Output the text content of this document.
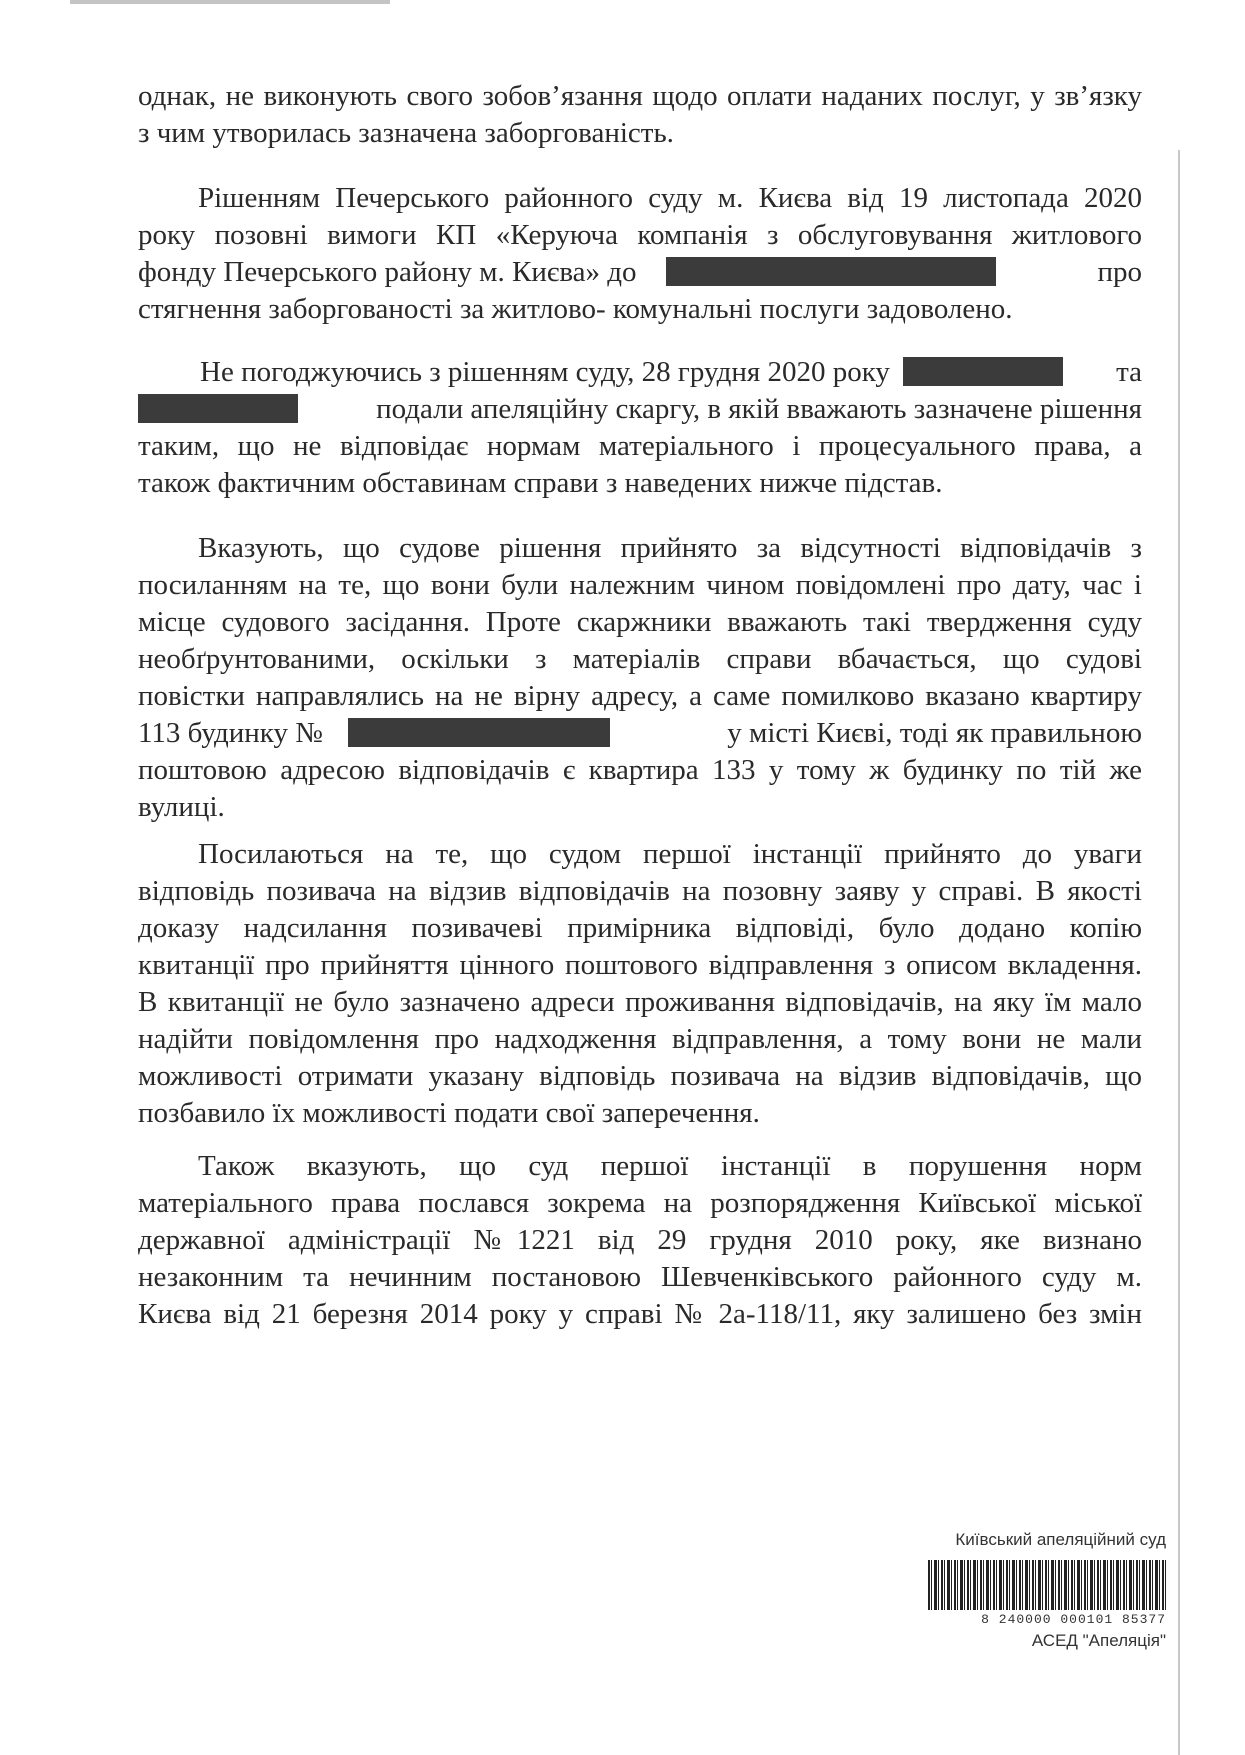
однак, не виконують свого зобов’язання щодо оплати наданих послуг, у зв’язку
з чим утворилась зазначена заборгованість.
Рішенням Печерського районного суду м. Києва від 19 листопада 2020
року позовні вимоги КП «Керуюча компанія з обслуговування житлового
фонду Печерського району м. Києва» до	про
стягнення заборгованості за житлово- комунальні послуги задоволено.
Не погоджуючись з рішенням суду, 28 грудня 2020 року	та
подали апеляційну скаргу, в якій вважають зазначене рішення
таким, що не відповідає нормам матеріального і процесуального права, а
також фактичним обставинам справи з наведених нижче підстав.
Вказують, що судове рішення прийнято за відсутності відповідачів з
посиланням на те, що вони були належним чином повідомлені про дату, час і
місце судового засідання. Проте скаржники вважають такі твердження суду
необґрунтованими, оскільки з матеріалів справи вбачається, що судові
повістки направлялись на не вірну адресу, а саме помилково вказано квартиру
113 будинку №	у місті Києві, тоді як правильною
поштовою адресою відповідачів є квартира 133 у тому ж будинку по тій же
вулиці.
Посилаються на те, що судом першої інстанції прийнято до уваги
відповідь позивача на відзив відповідачів на позовну заяву у справі. В якості
доказу надсилання позивачеві примірника відповіді, було додано копію
квитанції про прийняття цінного поштового відправлення з описом вкладення.
В квитанції не було зазначено адреси проживання відповідачів, на яку їм мало
надійти повідомлення про надходження відправлення, а тому вони не мали
можливості отримати указану відповідь позивача на відзив відповідачів, що
позбавило їх можливості подати свої заперечення.
Також вказують, що суд першої інстанції в порушення норм
матеріального права послався зокрема на розпорядження Київської міської
державної адміністрації №1221 від 29 грудня 2010 року, яке визнано
незаконним та нечинним постановою Шевченківського районного суду м.
Києва від 21 березня 2014 року у справі № 2а-118/11, яку залишено без змін
Київський апеляційний суд
8 240000 000101 85377
АСЕД "Апеляція"
